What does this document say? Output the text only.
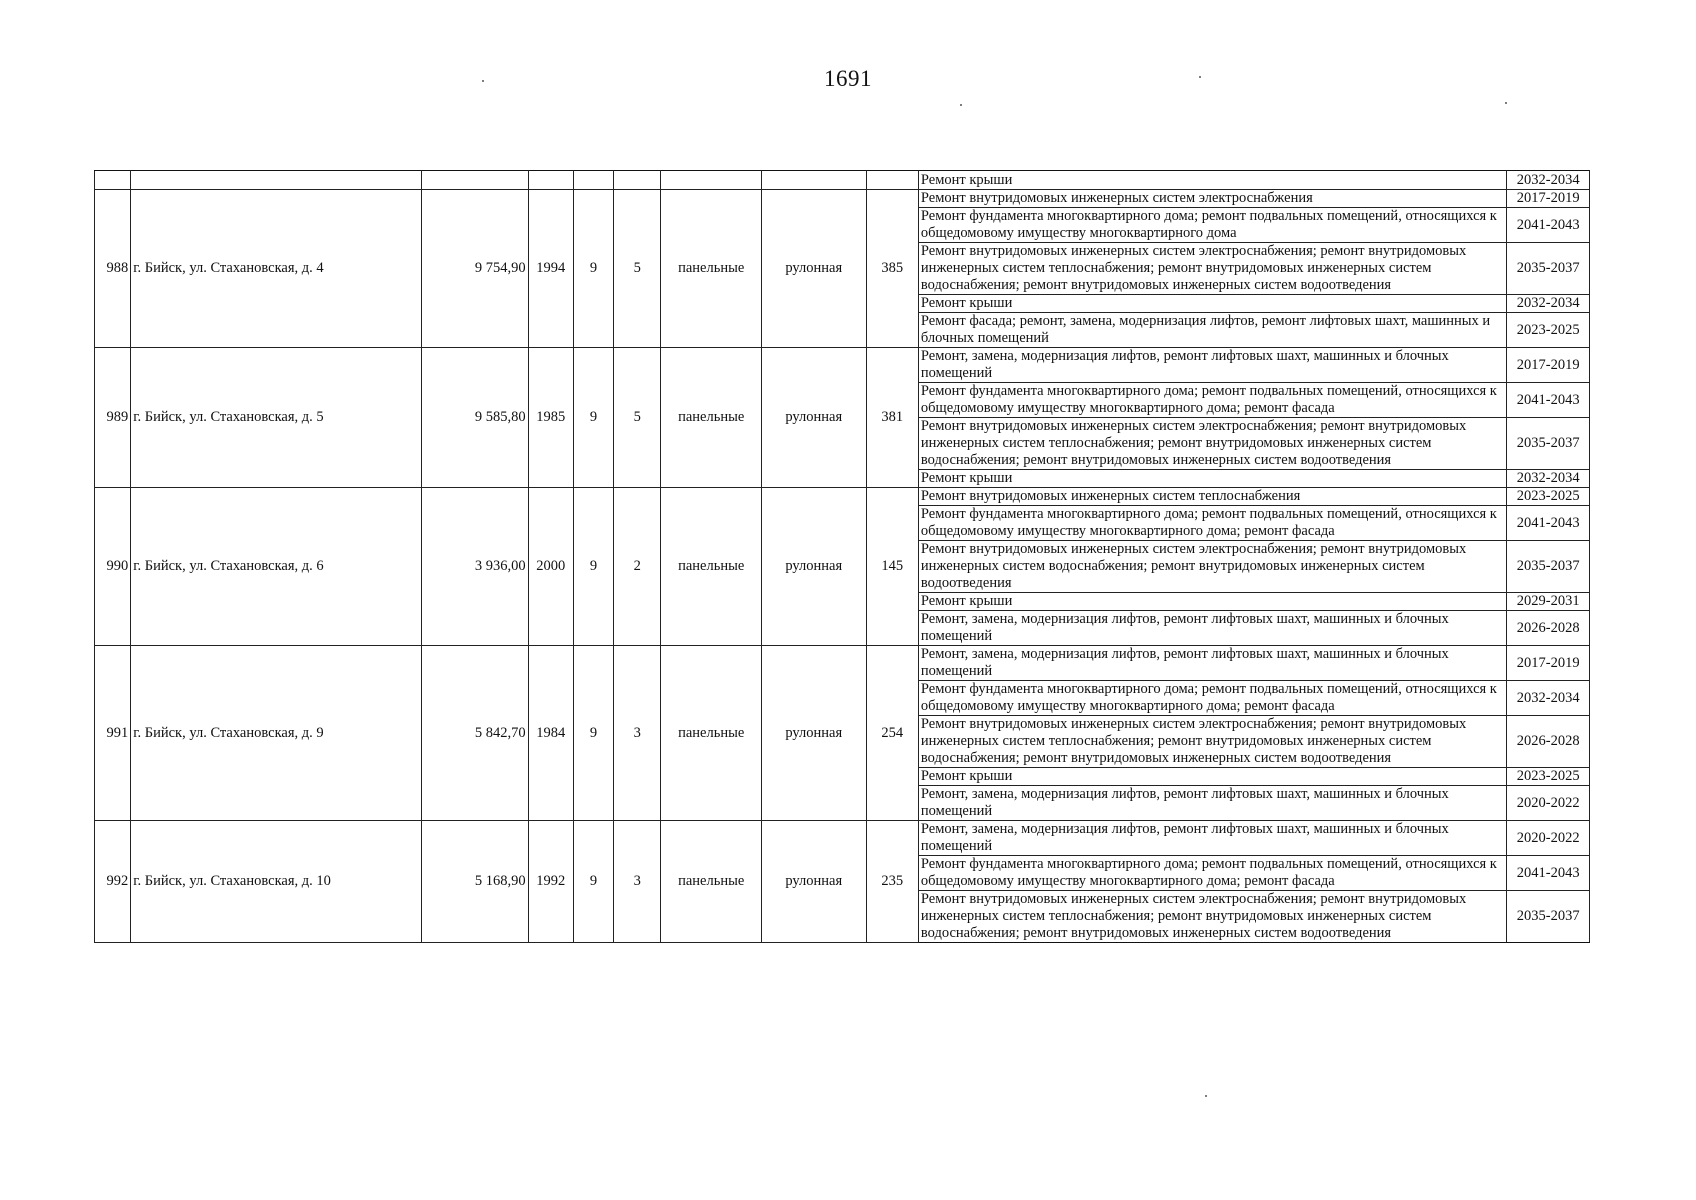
1691
									Ремонт крыши	2032-2034
988	г. Бийск, ул. Стахановская, д. 4	9 754,90	1994	9	5	панельные	рулонная	385	Ремонт внутридомовых инженерных систем электроснабжения	2017-2019
									Ремонт фундамента многоквартирного дома; ремонт подвальных помещений, относящихся к общедомовому имуществу многоквартирного дома	2041-2043
									Ремонт внутридомовых инженерных систем электроснабжения; ремонт внутридомовых инженерных систем теплоснабжения; ремонт внутридомовых инженерных систем водоснабжения; ремонт внутридомовых инженерных систем водоотведения	2035-2037
									Ремонт крыши	2032-2034
									Ремонт фасада; ремонт, замена, модернизация лифтов, ремонт лифтовых шахт, машинных и блочных помещений	2023-2025
989	г. Бийск, ул. Стахановская, д. 5	9 585,80	1985	9	5	панельные	рулонная	381	Ремонт, замена, модернизация лифтов, ремонт лифтовых шахт, машинных и блочных помещений	2017-2019
									Ремонт фундамента многоквартирного дома; ремонт подвальных помещений, относящихся к общедомовому имуществу многоквартирного дома; ремонт фасада	2041-2043
									Ремонт внутридомовых инженерных систем электроснабжения; ремонт внутридомовых инженерных систем теплоснабжения; ремонт внутридомовых инженерных систем водоснабжения; ремонт внутридомовых инженерных систем водоотведения	2035-2037
									Ремонт крыши	2032-2034
990	г. Бийск, ул. Стахановская, д. 6	3 936,00	2000	9	2	панельные	рулонная	145	Ремонт внутридомовых инженерных систем теплоснабжения	2023-2025
									Ремонт фундамента многоквартирного дома; ремонт подвальных помещений, относящихся к общедомовому имуществу многоквартирного дома; ремонт фасада	2041-2043
									Ремонт внутридомовых инженерных систем электроснабжения; ремонт внутридомовых инженерных систем водоснабжения; ремонт внутридомовых инженерных систем водоотведения	2035-2037
									Ремонт крыши	2029-2031
									Ремонт, замена, модернизация лифтов, ремонт лифтовых шахт, машинных и блочных помещений	2026-2028
991	г. Бийск, ул. Стахановская, д. 9	5 842,70	1984	9	3	панельные	рулонная	254	Ремонт, замена, модернизация лифтов, ремонт лифтовых шахт, машинных и блочных помещений	2017-2019
									Ремонт фундамента многоквартирного дома; ремонт подвальных помещений, относящихся к общедомовому имуществу многоквартирного дома; ремонт фасада	2032-2034
									Ремонт внутридомовых инженерных систем электроснабжения; ремонт внутридомовых инженерных систем теплоснабжения; ремонт внутридомовых инженерных систем водоснабжения; ремонт внутридомовых инженерных систем водоотведения	2026-2028
									Ремонт крыши	2023-2025
									Ремонт, замена, модернизация лифтов, ремонт лифтовых шахт, машинных и блочных помещений	2020-2022
992	г. Бийск, ул. Стахановская, д. 10	5 168,90	1992	9	3	панельные	рулонная	235	Ремонт, замена, модернизация лифтов, ремонт лифтовых шахт, машинных и блочных помещений	2020-2022
									Ремонт фундамента многоквартирного дома; ремонт подвальных помещений, относящихся к общедомовому имуществу многоквартирного дома; ремонт фасада	2041-2043
									Ремонт внутридомовых инженерных систем электроснабжения; ремонт внутридомовых инженерных систем теплоснабжения; ремонт внутридомовых инженерных систем водоснабжения; ремонт внутридомовых инженерных систем водоотведения	2035-2037
